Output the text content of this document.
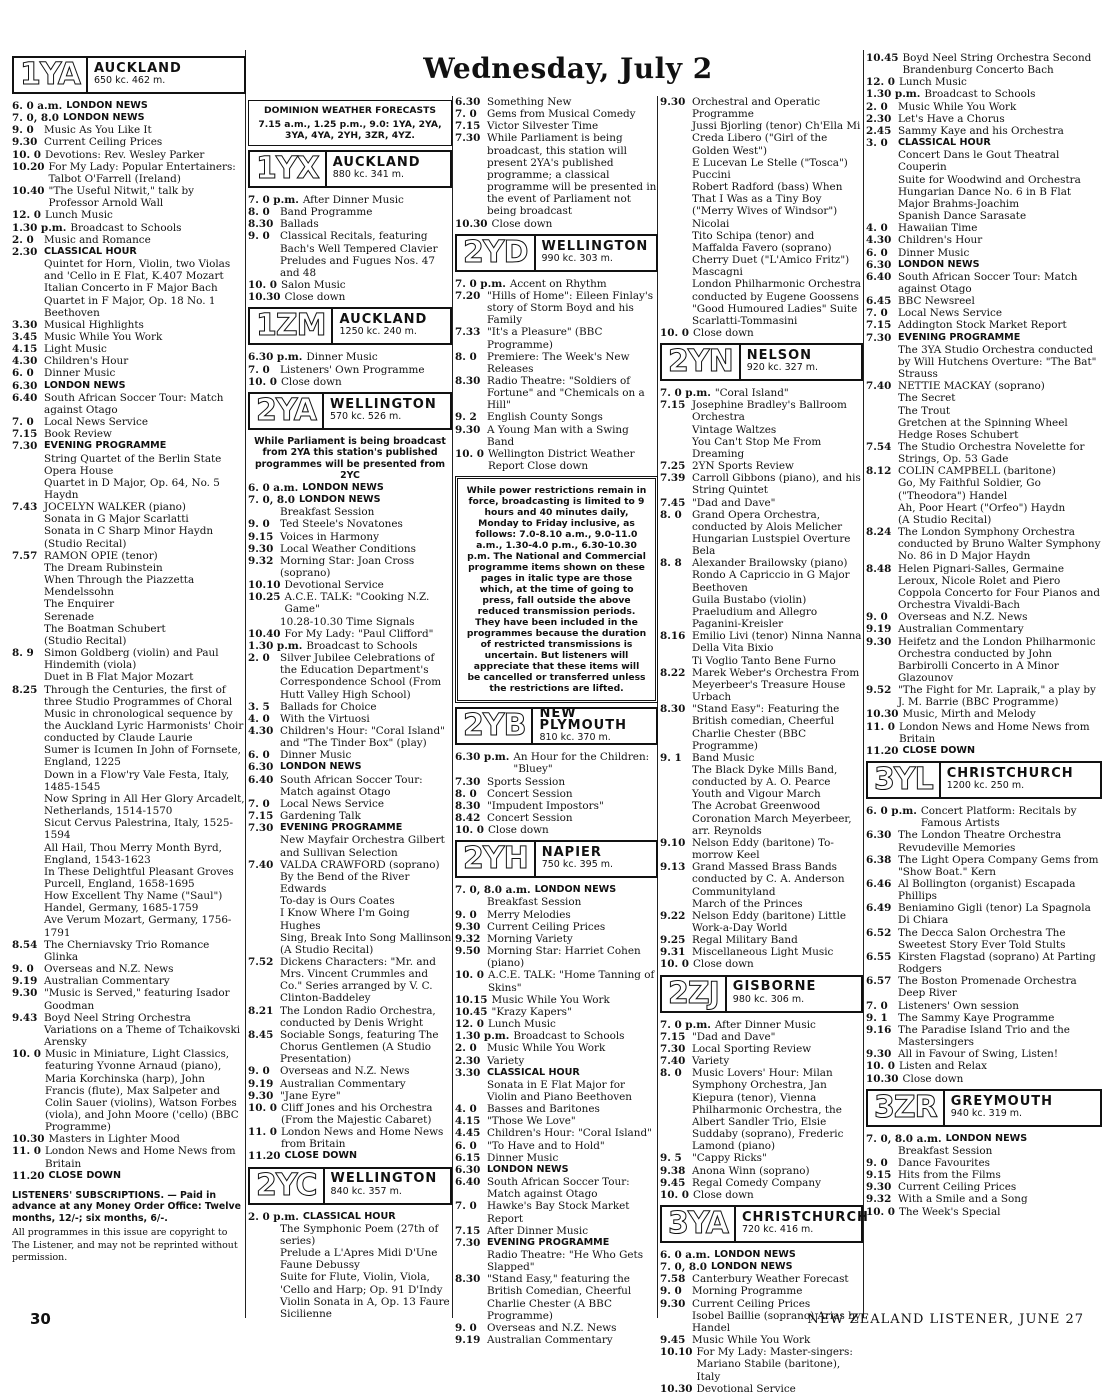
Wednesday, July 2
1YA	AUCKLAND
650 kc. 462 m.
6. 0 a.m. LONDON NEWS
7. 0, 8.0 LONDON NEWS
9. 0 Music As You Like It
9.30 Current Ceiling Prices
10. 0 Devotions: Rev. Wesley Parker
10.20 For My Lady: Popular Entertainers: Talbot O'Farrell (Ireland)
10.40 "The Useful Nitwit," talk by Professor Arnold Wall
12. 0 Lunch Music
1.30 p.m. Broadcast to Schools
2. 0 Music and Romance
2.30 CLASSICAL HOUR
Quintet for Horn, Violin, two Violas and 'Cello in E Flat, K.407 Mozart
Italian Concerto in F Major Bach
Quartet in F Major, Op. 18 No. 1 Beethoven
3.30 Musical Highlights
3.45 Music While You Work
4.15 Light Music
4.30 Children's Hour
6. 0 Dinner Music
6.30 LONDON NEWS
6.40 South African Soccer Tour: Match against Otago
7. 0 Local News Service
7.15 Book Review
7.30 EVENING PROGRAMME
String Quartet of the Berlin State Opera House
Quartet in D Major, Op. 64, No. 5 Haydn
7.43 JOCELYN WALKER (piano)
Sonata in G Major Scarlatti
Sonata in C Sharp Minor Haydn
(Studio Recital)
7.57 RAMON OPIE (tenor)
The Dream Rubinstein
When Through the Piazzetta Mendelssohn
The Enquirer
Serenade
The Boatman Schubert
(Studio Recital)
8. 9 Simon Goldberg (violin) and Paul Hindemith (viola)
Duet in B Flat Major Mozart
8.25 Through the Centuries, the first of three Studio Programmes of Choral Music in chronological sequence by the Auckland Lyric Harmonists' Choir conducted by Claude Laurie
Sumer is Icumen In John of Fornsete, England, 1225
Down in a Flow'ry Vale Festa, Italy, 1485-1545
Now Spring in All Her Glory Arcadelt, Netherlands, 1514-1570
Sicut Cervus Palestrina, Italy, 1525-1594
All Hail, Thou Merry Month Byrd, England, 1543-1623
In These Delightful Pleasant Groves Purcell, England, 1658-1695
How Excellent Thy Name ("Saul") Handel, Germany, 1685-1759
Ave Verum Mozart, Germany, 1756-1791
8.54 The Cherniavsky Trio Romance Glinka
9. 0 Overseas and N.Z. News
9.19 Australian Commentary
9.30 "Music is Served," featuring Isador Goodman
9.43 Boyd Neel String Orchestra Variations on a Theme of Tchaikovski Arensky
10. 0 Music in Miniature, Light Classics, featuring Yvonne Arnaud (piano), Maria Korchinska (harp), John Francis (flute), Max Salpeter and Colin Sauer (violins), Watson Forbes (viola), and John Moore ('cello) (BBC Programme)
10.30 Masters in Lighter Mood
11. 0 London News and Home News from Britain
11.20 CLOSE DOWN
LISTENERS' SUBSCRIPTIONS. — Paid in advance at any Money Order Office: Twelve months, 12/-; six months, 6/-.
All programmes in this issue are copyright to The Listener, and may not be reprinted without permission.
DOMINION WEATHER FORECASTS
7.15 a.m., 1.25 p.m., 9.0: 1YA, 2YA, 3YA, 4YA, 2YH, 3ZR, 4YZ.
1YX	AUCKLAND
880 kc. 341 m.
7. 0 p.m. After Dinner Music
8. 0 Band Programme
8.30 Ballads
9. 0 Classical Recitals, featuring Bach's Well Tempered Clavier Preludes and Fugues Nos. 47 and 48
10. 0 Salon Music
10.30 Close down
1ZM	AUCKLAND
1250 kc. 240 m.
6.30 p.m. Dinner Music
7. 0 Listeners' Own Programme
10. 0 Close down
2YA	WELLINGTON
570 kc. 526 m.
While Parliament is being broadcast from 2YA this station's published programmes will be presented from 2YC
6. 0 a.m. LONDON NEWS
7. 0, 8.0 LONDON NEWS
Breakfast Session
9. 0 Ted Steele's Novatones
9.15 Voices in Harmony
9.30 Local Weather Conditions
9.32 Morning Star: Joan Cross (soprano)
10.10 Devotional Service
10.25 A.C.E. TALK: "Cooking N.Z. Game"
10.28-10.30 Time Signals
10.40 For My Lady: "Paul Clifford"
1.30 p.m. Broadcast to Schools
2. 0 Silver Jubilee Celebrations of the Education Department's Correspondence School (From Hutt Valley High School)
3. 5 Ballads for Choice
4. 0 With the Virtuosi
4.30 Children's Hour: "Coral Island" and "The Tinder Box" (play)
6. 0 Dinner Music
6.30 LONDON NEWS
6.40 South African Soccer Tour: Match against Otago
7. 0 Local News Service
7.15 Gardening Talk
7.30 EVENING PROGRAMME
New Mayfair Orchestra Gilbert and Sullivan Selection
7.40 VALDA CRAWFORD (soprano)
By the Bend of the River Edwards
To-day is Ours Coates
I Know Where I'm Going Hughes
Sing, Break Into Song Mallinson
(A Studio Recital)
7.52 Dickens Characters: "Mr. and Mrs. Vincent Crummles and Co." Series arranged by V. C. Clinton-Baddeley
8.21 The London Radio Orchestra, conducted by Denis Wright
8.45 Sociable Songs, featuring The Chorus Gentlemen (A Studio Presentation)
9. 0 Overseas and N.Z. News
9.19 Australian Commentary
9.30 "Jane Eyre"
10. 0 Cliff Jones and his Orchestra (From the Majestic Cabaret)
11. 0 London News and Home News from Britain
11.20 CLOSE DOWN
2YC	WELLINGTON
840 kc. 357 m.
2. 0 p.m. CLASSICAL HOUR
The Symphonic Poem (27th of series)
Prelude a L'Apres Midi D'Une Faune Debussy
Suite for Flute, Violin, Viola, 'Cello and Harp; Op. 91 D'Indy
Violin Sonata in A, Op. 13 Faure
Sicilienne
6.30 Something New
7. 0 Gems from Musical Comedy
7.15 Victor Silvester Time
7.30 While Parliament is being broadcast, this station will present 2YA's published programme; a classical programme will be presented in the event of Parliament not being broadcast
10.30 Close down
2YD	WELLINGTON
990 kc. 303 m.
7. 0 p.m. Accent on Rhythm
7.20 "Hills of Home": Eileen Finlay's story of Storm Boyd and his Family
7.33 "It's a Pleasure" (BBC Programme)
8. 0 Premiere: The Week's New Releases
8.30 Radio Theatre: "Soldiers of Fortune" and "Chemicals on a Hill"
9. 2 English County Songs
9.30 A Young Man with a Swing Band
10. 0 Wellington District Weather Report Close down
While power restrictions remain in force, broadcasting is limited to 9 hours and 40 minutes daily, Monday to Friday inclusive, as follows: 7.0-8.10 a.m., 9.0-11.0 a.m., 1.30-4.0 p.m., 6.30-10.30 p.m. The National and Commercial programme items shown on these pages in italic type are those which, at the time of going to press, fall outside the above reduced transmission periods. They have been included in the programmes because the duration of restricted transmissions is uncertain. But listeners will appreciate that these items will be cancelled or transferred unless the restrictions are lifted.
2YB	NEW PLYMOUTH
810 kc. 370 m.
6.30 p.m. An Hour for the Children: "Bluey"
7.30 Sports Session
8. 0 Concert Session
8.30 "Impudent Impostors"
8.42 Concert Session
10. 0 Close down
2YH	NAPIER
750 kc. 395 m.
7. 0, 8.0 a.m. LONDON NEWS
Breakfast Session
9. 0 Merry Melodies
9.30 Current Ceiling Prices
9.32 Morning Variety
9.50 Morning Star: Harriet Cohen (piano)
10. 0 A.C.E. TALK: "Home Tanning of Skins"
10.15 Music While You Work
10.45 "Krazy Kapers"
12. 0 Lunch Music
1.30 p.m. Broadcast to Schools
2. 0 Music While You Work
2.30 Variety
3.30 CLASSICAL HOUR
Sonata in E Flat Major for Violin and Piano Beethoven
4. 0 Basses and Baritones
4.15 "Those We Love"
4.45 Children's Hour: "Coral Island"
6. 0 "To Have and to Hold"
6.15 Dinner Music
6.30 LONDON NEWS
6.40 South African Soccer Tour: Match against Otago
7. 0 Hawke's Bay Stock Market Report
7.15 After Dinner Music
7.30 EVENING PROGRAMME
Radio Theatre: "He Who Gets Slapped"
8.30 "Stand Easy," featuring the British Comedian, Cheerful Charlie Chester (A BBC Programme)
9. 0 Overseas and N.Z. News
9.19 Australian Commentary
9.30 Orchestral and Operatic Programme
Jussi Bjorling (tenor) Ch'Ella Mi Creda Libero ("Girl of the Golden West")
E Lucevan Le Stelle ("Tosca") Puccini
Robert Radford (bass) When That I Was as a Tiny Boy ("Merry Wives of Windsor") Nicolai
Tito Schipa (tenor) and Maffalda Favero (soprano) Cherry Duet ("L'Amico Fritz") Mascagni
London Philharmonic Orchestra conducted by Eugene Goossens "Good Humoured Ladies" Suite Scarlatti-Tommasini
10. 0 Close down
2YN	NELSON
920 kc. 327 m.
7. 0 p.m. "Coral Island"
7.15 Josephine Bradley's Ballroom Orchestra
Vintage Waltzes
You Can't Stop Me From Dreaming
7.25 2YN Sports Review
7.39 Carroll Gibbons (piano), and his String Quintet
7.45 "Dad and Dave"
8. 0 Grand Opera Orchestra, conducted by Alois Melicher
Hungarian Lustspiel Overture Bela
8. 8 Alexander Brailowsky (piano)
Rondo A Capriccio in G Major Beethoven
Guila Bustabo (violin) Praeludium and Allegro Paganini-Kreisler
8.16 Emilio Livi (tenor) Ninna Nanna Della Vita Bixio
Ti Voglio Tanto Bene Furno
8.22 Marek Weber's Orchestra From Meyerbeer's Treasure House Urbach
8.30 "Stand Easy": Featuring the British comedian, Cheerful Charlie Chester (BBC Programme)
9. 1 Band Music
The Black Dyke Mills Band, conducted by A. O. Pearce
Youth and Vigour March
The Acrobat Greenwood
Coronation March Meyerbeer, arr. Reynolds
9.10 Nelson Eddy (baritone) To-morrow Keel
9.13 Grand Massed Brass Bands conducted by C. A. Anderson Communityland
March of the Princes
9.22 Nelson Eddy (baritone) Little Work-a-Day World
9.25 Regal Military Band
9.31 Miscellaneous Light Music
10. 0 Close down
2ZJ	GISBORNE
980 kc. 306 m.
7. 0 p.m. After Dinner Music
7.15 "Dad and Dave"
7.30 Local Sporting Review
7.40 Variety
8. 0 Music Lovers' Hour: Milan Symphony Orchestra, Jan Kiepura (tenor), Vienna Philharmonic Orchestra, the Albert Sandler Trio, Elsie Suddaby (soprano), Frederic Lamond (piano)
9. 5 "Cappy Ricks"
9.38 Anona Winn (soprano)
9.45 Regal Comedy Company
10. 0 Close down
3YA	CHRISTCHURCH
720 kc. 416 m.
6. 0 a.m. LONDON NEWS
7. 0, 8.0 LONDON NEWS
7.58 Canterbury Weather Forecast
9. 0 Morning Programme
9.30 Current Ceiling Prices
Isobel Baillie (soprano) Arias by Handel
9.45 Music While You Work
10.10 For My Lady: Master-singers: Mariano Stabile (baritone), Italy
10.30 Devotional Service
10.45 Boyd Neel String Orchestra Second Brandenburg Concerto Bach
12. 0 Lunch Music
1.30 p.m. Broadcast to Schools
2. 0 Music While You Work
2.30 Let's Have a Chorus
2.45 Sammy Kaye and his Orchestra
3. 0	CLASSICAL HOUR
Concert Dans le Gout Theatral Couperin
Suite for Woodwind and Orchestra
Hungarian Dance No. 6 in B Flat Major Brahms-Joachim
Spanish Dance Sarasate
4. 0 Hawaiian Time
4.30 Children's Hour
6. 0 Dinner Music
6.30 LONDON NEWS
6.40 South African Soccer Tour: Match against Otago
6.45 BBC Newsreel
7. 0 Local News Service
7.15 Addington Stock Market Report
7.30 EVENING PROGRAMME
The 3YA Studio Orchestra conducted by Will Hutchens Overture: "The Bat" Strauss
7.40 NETTIE MACKAY (soprano)
The Secret
The Trout
Gretchen at the Spinning Wheel
Hedge Roses Schubert
7.54 The Studio Orchestra Novelette for Strings, Op. 53 Gade
8.12 COLIN CAMPBELL (baritone)
Go, My Faithful Soldier, Go ("Theodora") Handel
Ah, Poor Heart ("Orfeo") Haydn
(A Studio Recital)
8.24 The London Symphony Orchestra conducted by Bruno Walter Symphony No. 86 in D Major Haydn
8.48 Helen Pignari-Salles, Germaine Leroux, Nicole Rolet and Piero Coppola Concerto for Four Pianos and Orchestra Vivaldi-Bach
9. 0 Overseas and N.Z. News
9.19 Australian Commentary
9.30 Heifetz and the London Philharmonic Orchestra conducted by John Barbirolli Concerto in A Minor Glazounov
9.52 "The Fight for Mr. Lapraik," a play by J. M. Barrie (BBC Programme)
10.30 Music, Mirth and Melody
11. 0 London News and Home News from Britain
11.20 CLOSE DOWN
3YL	CHRISTCHURCH
1200 kc. 250 m.
6. 0 p.m. Concert Platform: Recitals by Famous Artists
6.30 The London Theatre Orchestra Revudeville Memories
6.38 The Light Opera Company Gems from "Show Boat." Kern
6.46 Al Bollington (organist) Escapada Phillips
6.49 Beniamino Gigli (tenor) La Spagnola Di Chiara
6.52 The Decca Salon Orchestra The Sweetest Story Ever Told Stults
6.55 Kirsten Flagstad (soprano) At Parting Rodgers
6.57 The Boston Promenade Orchestra Deep River
7. 0 Listeners' Own session
9. 1 The Sammy Kaye Programme
9.16 The Paradise Island Trio and the Mastersingers
9.30 All in Favour of Swing, Listen!
10. 0 Listen and Relax
10.30 Close down
3ZR	GREYMOUTH
940 kc. 319 m.
7. 0, 8.0 a.m. LONDON NEWS
Breakfast Session
9. 0 Dance Favourites
9.15 Hits from the Films
9.30 Current Ceiling Prices
9.32 With a Smile and a Song
10. 0 The Week's Special
30	NEW ZEALAND LISTENER, JUNE 27
